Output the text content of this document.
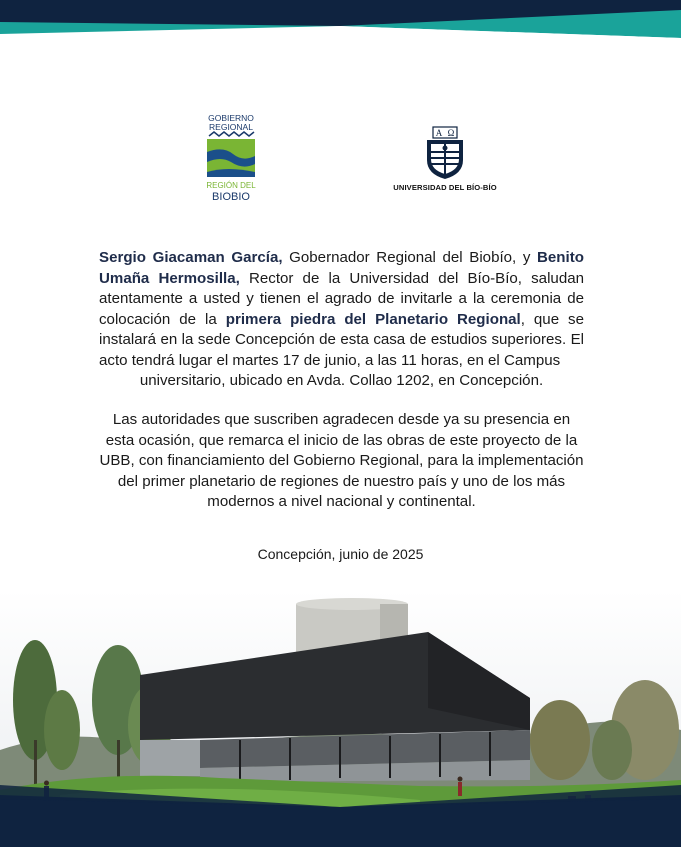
GOBIERNO
REGIONAL
REGIÓN DEL
BIOBIO
A Ω
UNIVERSIDAD DEL BÍO-BÍO
Sergio Giacaman García, Gobernador Regional del Biobío, y Benito Umaña Hermosilla, Rector de la Universidad del Bío-Bío, saludan atentamente a usted y tienen el agrado de invitarle a la ceremonia de colocación de la primera piedra del Planetario Regional, que se instalará en la sede Concepción de esta casa de estudios superiores. El acto tendrá lugar el martes 17 de junio, a las 11 horas, en el Campus
universitario, ubicado en Avda. Collao 1202, en Concepción.
Las autoridades que suscriben agradecen desde ya su presencia en esta ocasión, que remarca el inicio de las obras de este proyecto de la UBB, con financiamiento del Gobierno Regional, para la implementación del primer planetario de regiones de nuestro país y uno de los más modernos a nivel nacional y continental.
Concepción, junio de 2025
